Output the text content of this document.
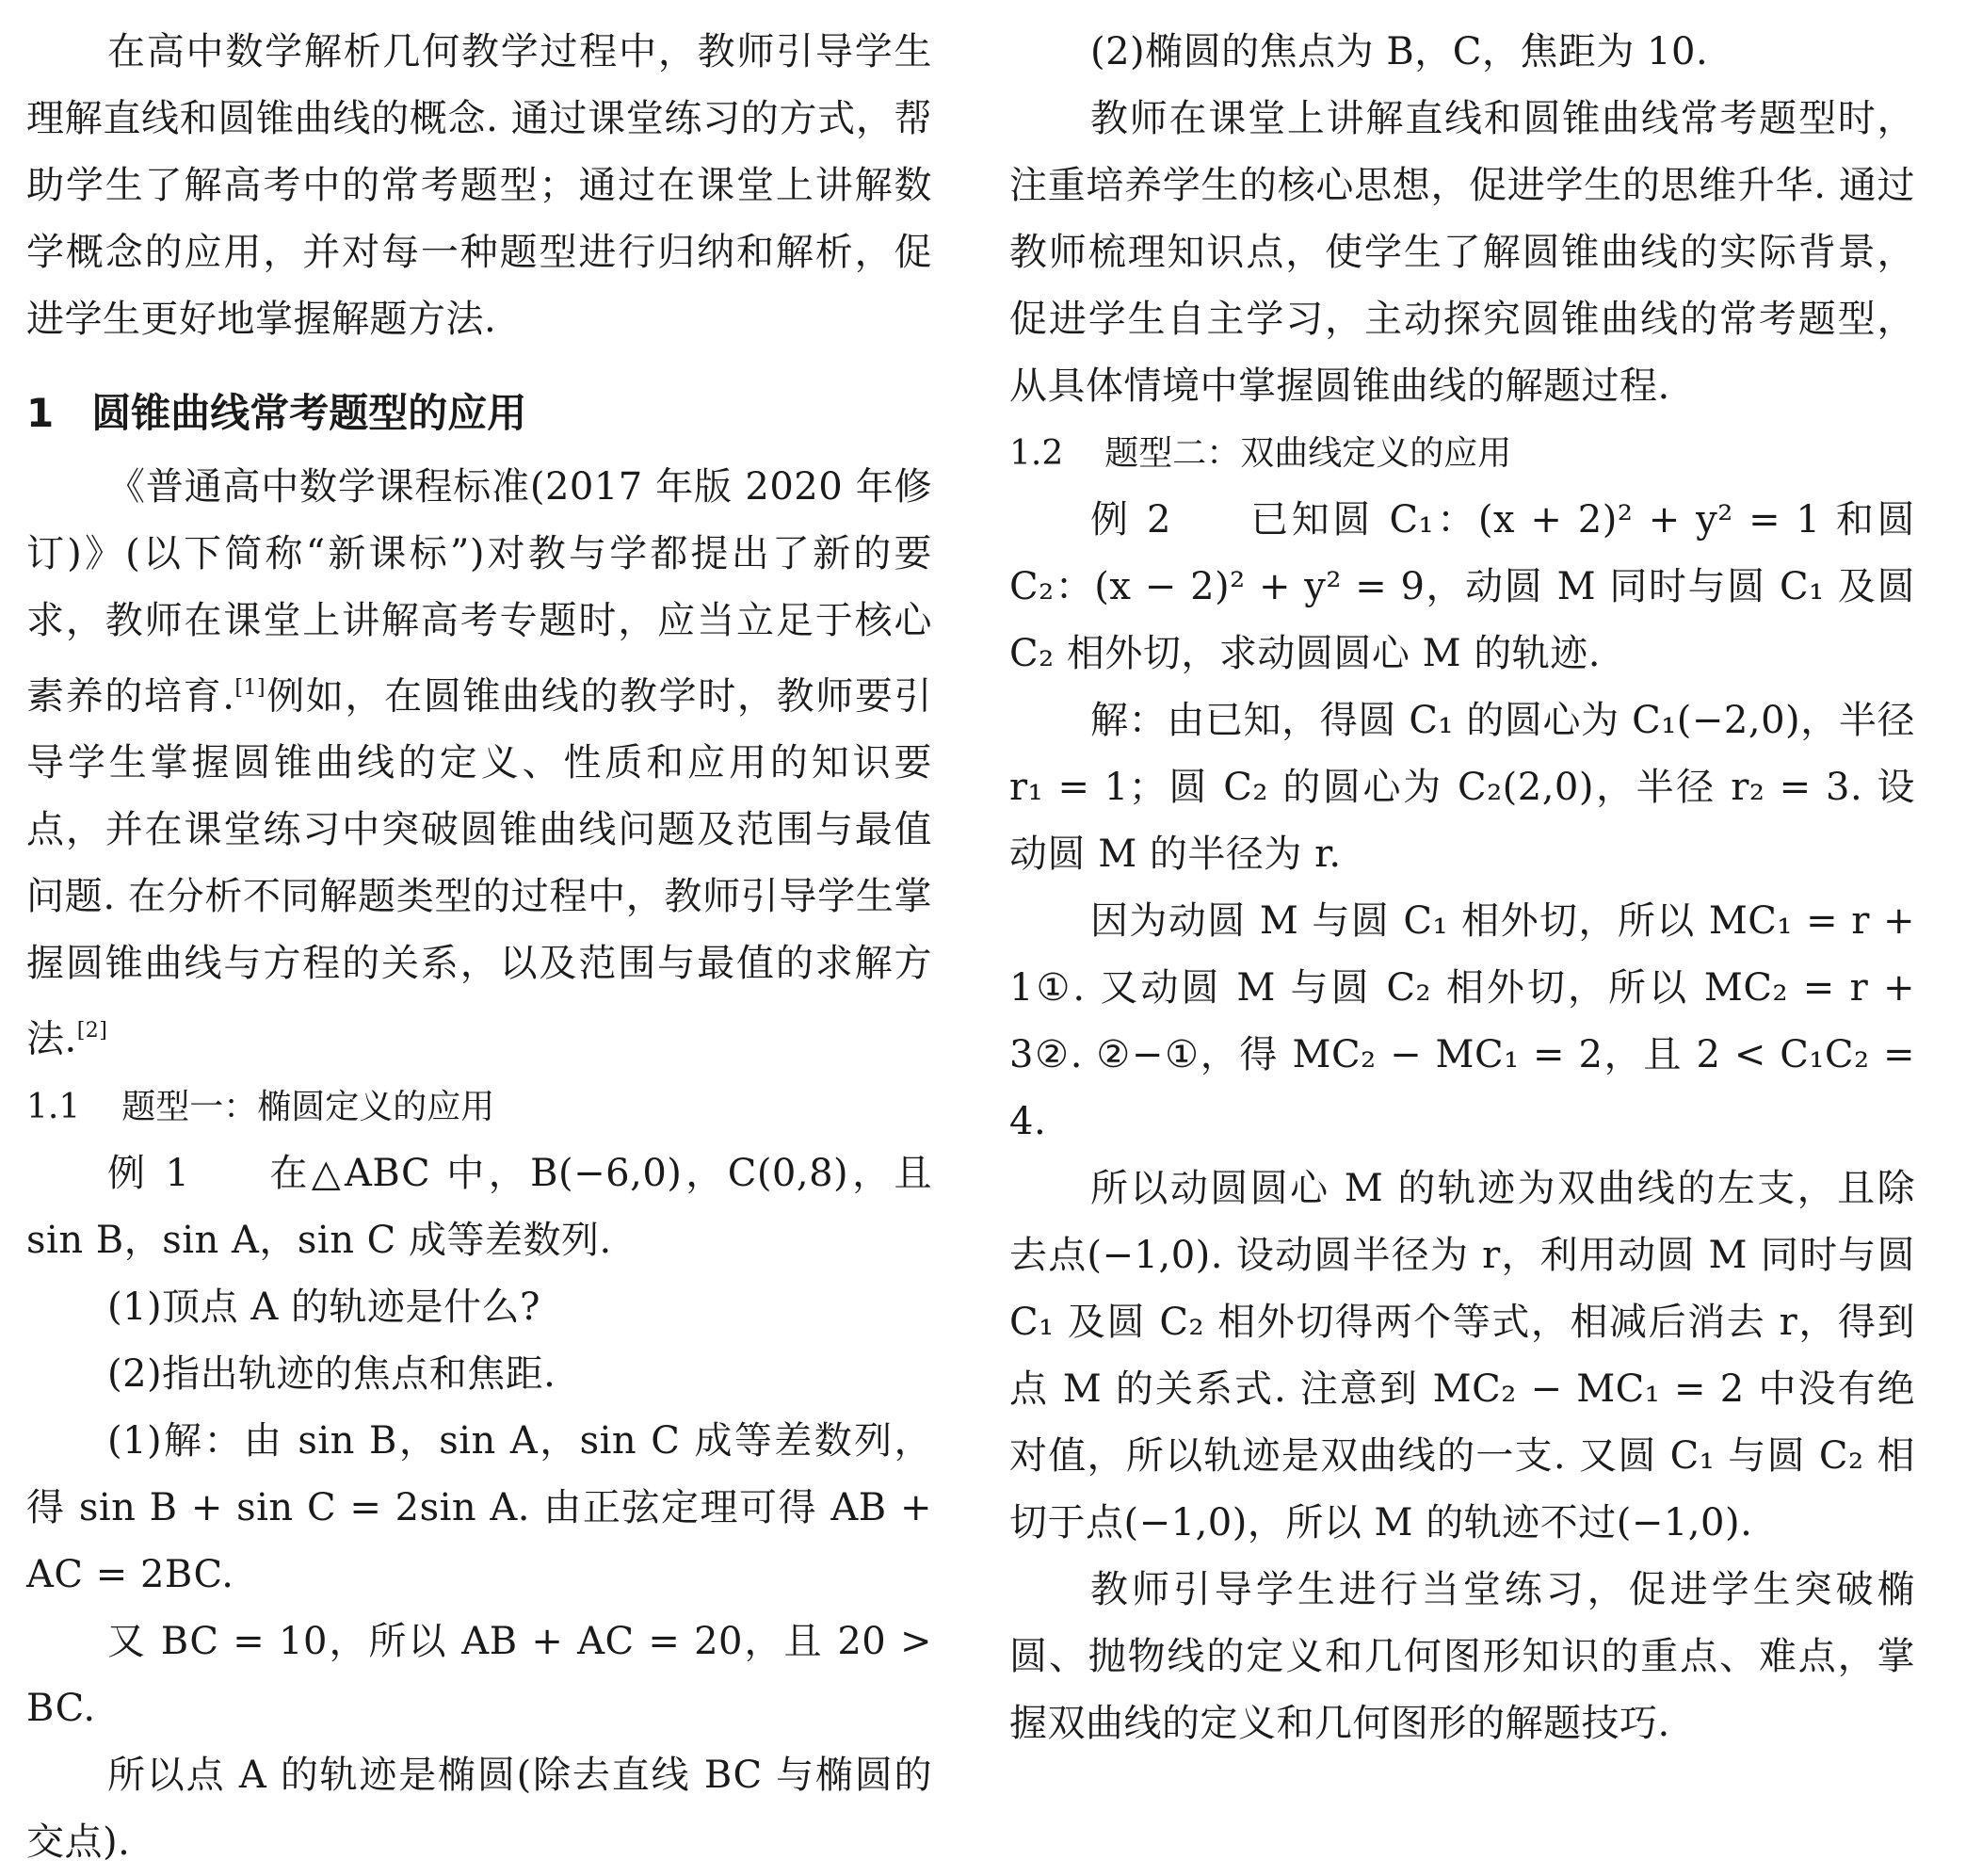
在高中数学解析几何教学过程中，教师引导学生理解直线和圆锥曲线的概念. 通过课堂练习的方式，帮助学生了解高考中的常考题型；通过在课堂上讲解数学概念的应用，并对每一种题型进行归纳和解析，促进学生更好地掌握解题方法.

1 圆锥曲线常考题型的应用

《普通高中数学课程标准(2017 年版 2020 年修订)》(以下简称“新课标”)对教与学都提出了新的要求，教师在课堂上讲解高考专题时，应当立足于核心素养的培育.[1]例如，在圆锥曲线的教学时，教师要引导学生掌握圆锥曲线的定义、性质和应用的知识要点，并在课堂练习中突破圆锥曲线问题及范围与最值问题. 在分析不同解题类型的过程中，教师引导学生掌握圆锥曲线与方程的关系，以及范围与最值的求解方法.[2]

1.1 题型一：椭圆定义的应用

例 1   在△ABC 中，B(−6,0)，C(0,8)，且 sin B，sin A，sin C 成等差数列.

(1)顶点 A 的轨迹是什么?

(2)指出轨迹的焦点和焦距.

(1)解：由 sin B，sin A，sin C 成等差数列，得 sin B + sin C = 2sin A. 由正弦定理可得 AB + AC = 2BC.

又 BC = 10，所以 AB + AC = 20，且 20 > BC.

所以点 A 的轨迹是椭圆(除去直线 BC 与椭圆的交点).

(2)椭圆的焦点为 B，C，焦距为 10.

教师在课堂上讲解直线和圆锥曲线常考题型时，注重培养学生的核心思想，促进学生的思维升华. 通过教师梳理知识点，使学生了解圆锥曲线的实际背景，促进学生自主学习，主动探究圆锥曲线的常考题型，从具体情境中掌握圆锥曲线的解题过程.

1.2 题型二：双曲线定义的应用

例 2   已知圆 C₁：(x + 2)² + y² = 1 和圆 C₂：(x − 2)² + y² = 9，动圆 M 同时与圆 C₁ 及圆 C₂ 相外切，求动圆圆心 M 的轨迹.

解：由已知，得圆 C₁ 的圆心为 C₁(−2,0)，半径 r₁ = 1；圆 C₂ 的圆心为 C₂(2,0)，半径 r₂ = 3. 设动圆 M 的半径为 r.

因为动圆 M 与圆 C₁ 相外切，所以 MC₁ = r + 1①. 又动圆 M 与圆 C₂ 相外切，所以 MC₂ = r + 3②. ②−①，得 MC₂ − MC₁ = 2，且 2 < C₁C₂ = 4.

所以动圆圆心 M 的轨迹为双曲线的左支，且除去点(−1,0). 设动圆半径为 r，利用动圆 M 同时与圆 C₁ 及圆 C₂ 相外切得两个等式，相减后消去 r，得到点 M 的关系式. 注意到 MC₂ − MC₁ = 2 中没有绝对值，所以轨迹是双曲线的一支. 又圆 C₁ 与圆 C₂ 相切于点(−1,0)，所以 M 的轨迹不过(−1,0).

教师引导学生进行当堂练习，促进学生突破椭圆、抛物线的定义和几何图形知识的重点、难点，掌握双曲线的定义和几何图形的解题技巧.
